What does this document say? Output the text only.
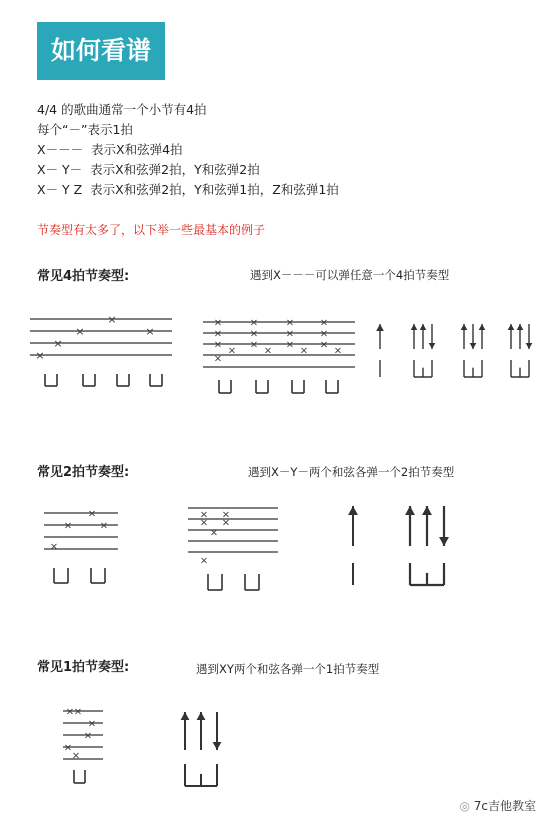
如何看谱
4/4 的歌曲通常一个小节有4拍
每个“－”表示1拍
X－－－  表示X和弦弹4拍
X－ Y－  表示X和弦弹2拍，Y和弦弹2拍
X－ Y Z  表示X和弦弹2拍，Y和弦弹1拍，Z和弦弹1拍
节奏型有太多了，以下举一些最基本的例子
常见4拍节奏型:	遇到X－－－可以弹任意一个4拍节奏型
常见2拍节奏型:	遇到X－Y－两个和弦各弹一个2拍节奏型
常见1拍节奏型:	遇到XY两个和弦各弹一个1拍节奏型
×
×	×
×
×
×	×	×	×
×	×	×	×
×	×	×	×
×	×	×	×
×
×
×	×
×
× ×
× ×
×
×
× ×
×
×
×
×
◎ 7c吉他教室
